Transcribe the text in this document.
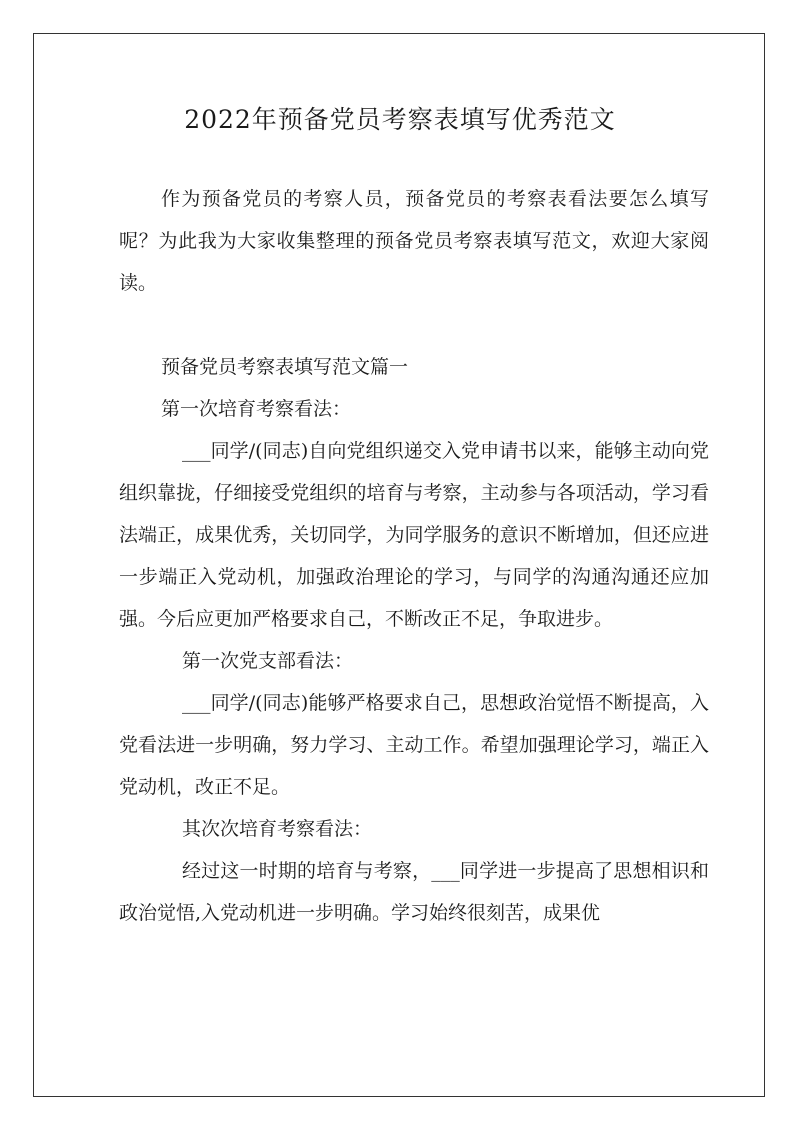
2022年预备党员考察表填写优秀范文

作为预备党员的考察人员，预备党员的考察表看法要怎么填写呢？为此我为大家收集整理的预备党员考察表填写范文，欢迎大家阅读。

预备党员考察表填写范文篇一

第一次培育考察看法：

___同学/(同志)自向党组织递交入党申请书以来，能够主动向党组织靠拢，仔细接受党组织的培育与考察，主动参与各项活动，学习看法端正，成果优秀，关切同学，为同学服务的意识不断增加，但还应进一步端正入党动机，加强政治理论的学习，与同学的沟通沟通还应加强。今后应更加严格要求自己，不断改正不足，争取进步。

第一次党支部看法：

___同学/(同志)能够严格要求自己，思想政治觉悟不断提高，入党看法进一步明确，努力学习、主动工作。希望加强理论学习，端正入党动机，改正不足。

其次次培育考察看法：

经过这一时期的培育与考察，___同学进一步提高了思想相识和政治觉悟,入党动机进一步明确。学习始终很刻苦，成果优
